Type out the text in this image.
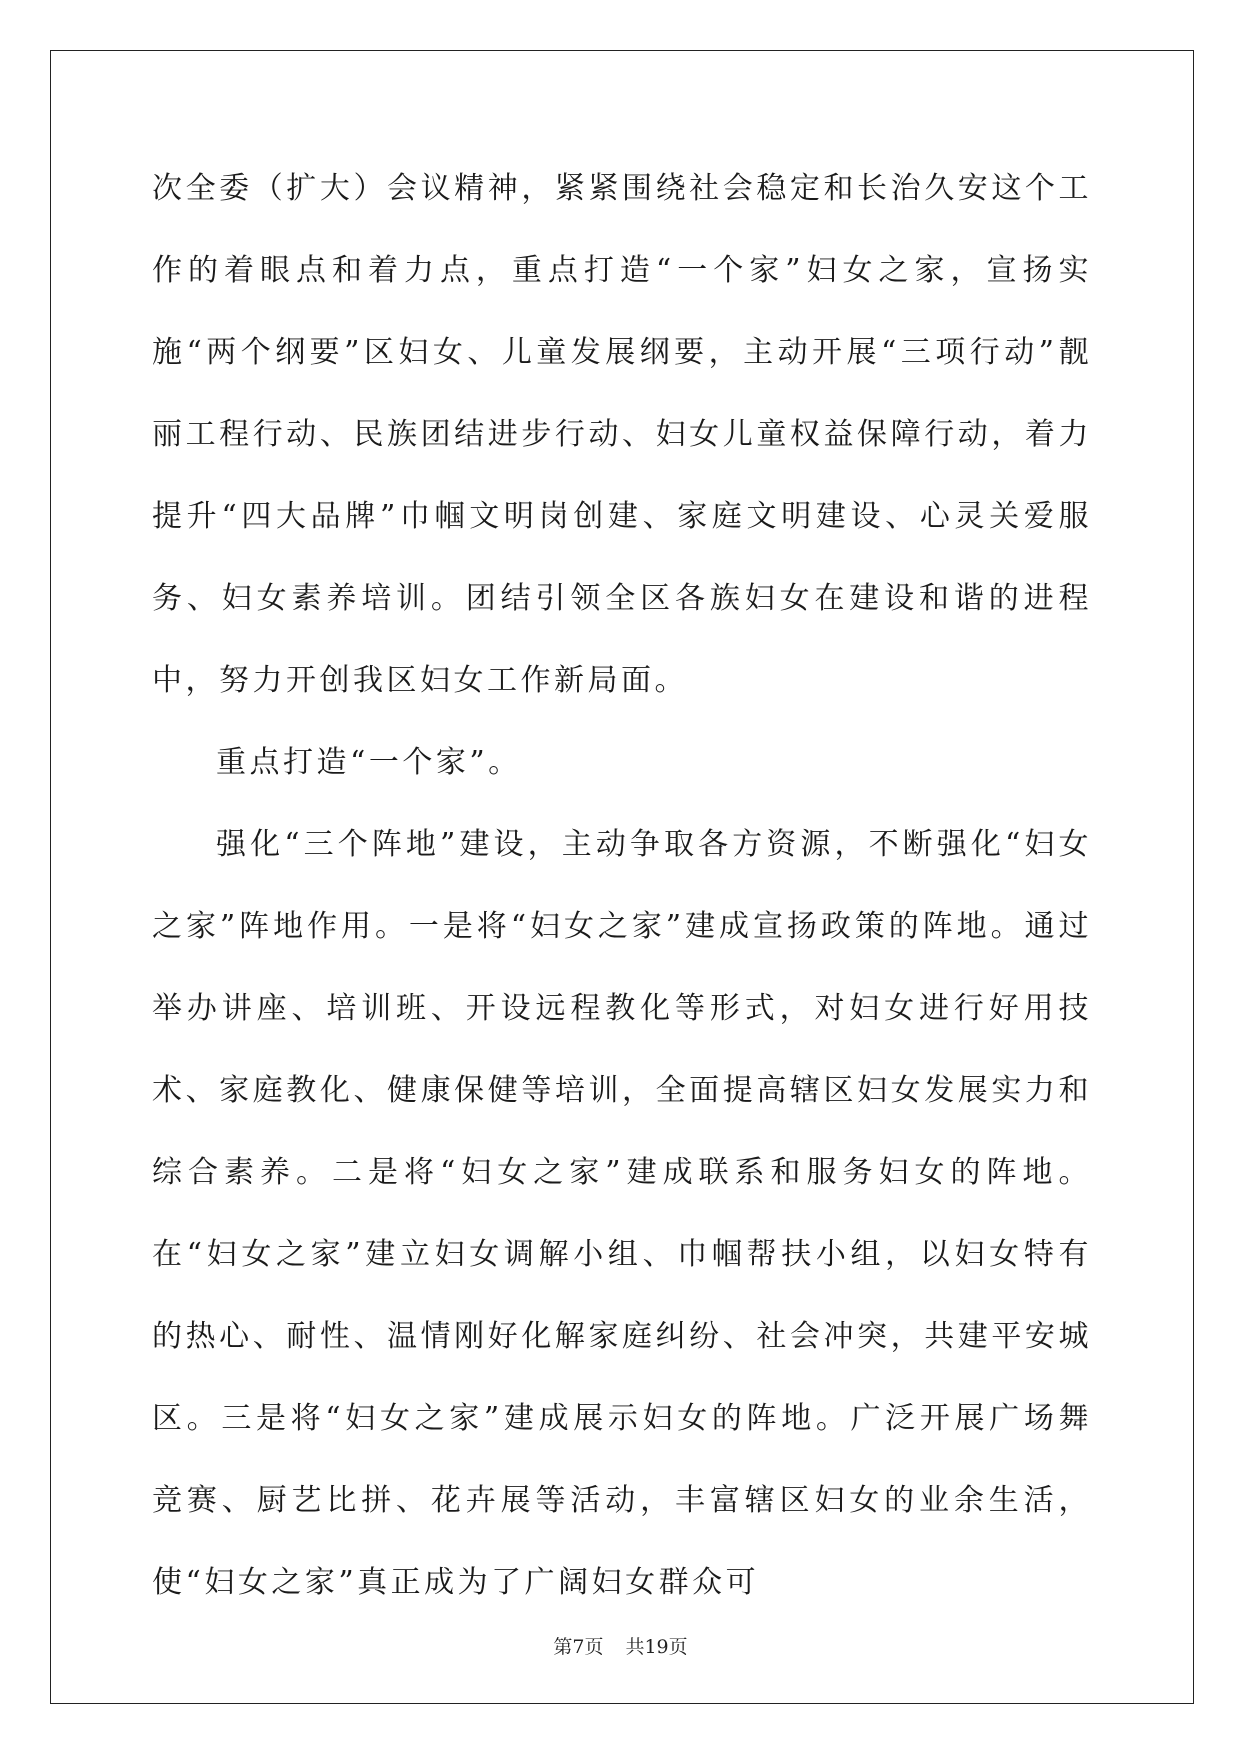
次全委（扩大）会议精神，紧紧围绕社会稳定和长治久安这个工作的着眼点和着力点，重点打造“一个家”妇女之家，宣扬实施“两个纲要”区妇女、儿童发展纲要，主动开展“三项行动”靓丽工程行动、民族团结进步行动、妇女儿童权益保障行动，着力提升“四大品牌”巾帼文明岗创建、家庭文明建设、心灵关爱服务、妇女素养培训。团结引领全区各族妇女在建设和谐的进程中，努力开创我区妇女工作新局面。

重点打造“一个家”。

强化“三个阵地”建设，主动争取各方资源，不断强化“妇女之家”阵地作用。一是将“妇女之家”建成宣扬政策的阵地。通过举办讲座、培训班、开设远程教化等形式，对妇女进行好用技术、家庭教化、健康保健等培训，全面提高辖区妇女发展实力和综合素养。二是将“妇女之家”建成联系和服务妇女的阵地。在“妇女之家”建立妇女调解小组、巾帼帮扶小组，以妇女特有的热心、耐性、温情刚好化解家庭纠纷、社会冲突，共建平安城区。三是将“妇女之家”建成展示妇女的阵地。广泛开展广场舞竞赛、厨艺比拼、花卉展等活动，丰富辖区妇女的业余生活，使“妇女之家”真正成为了广阔妇女群众可

第7页 共19页
